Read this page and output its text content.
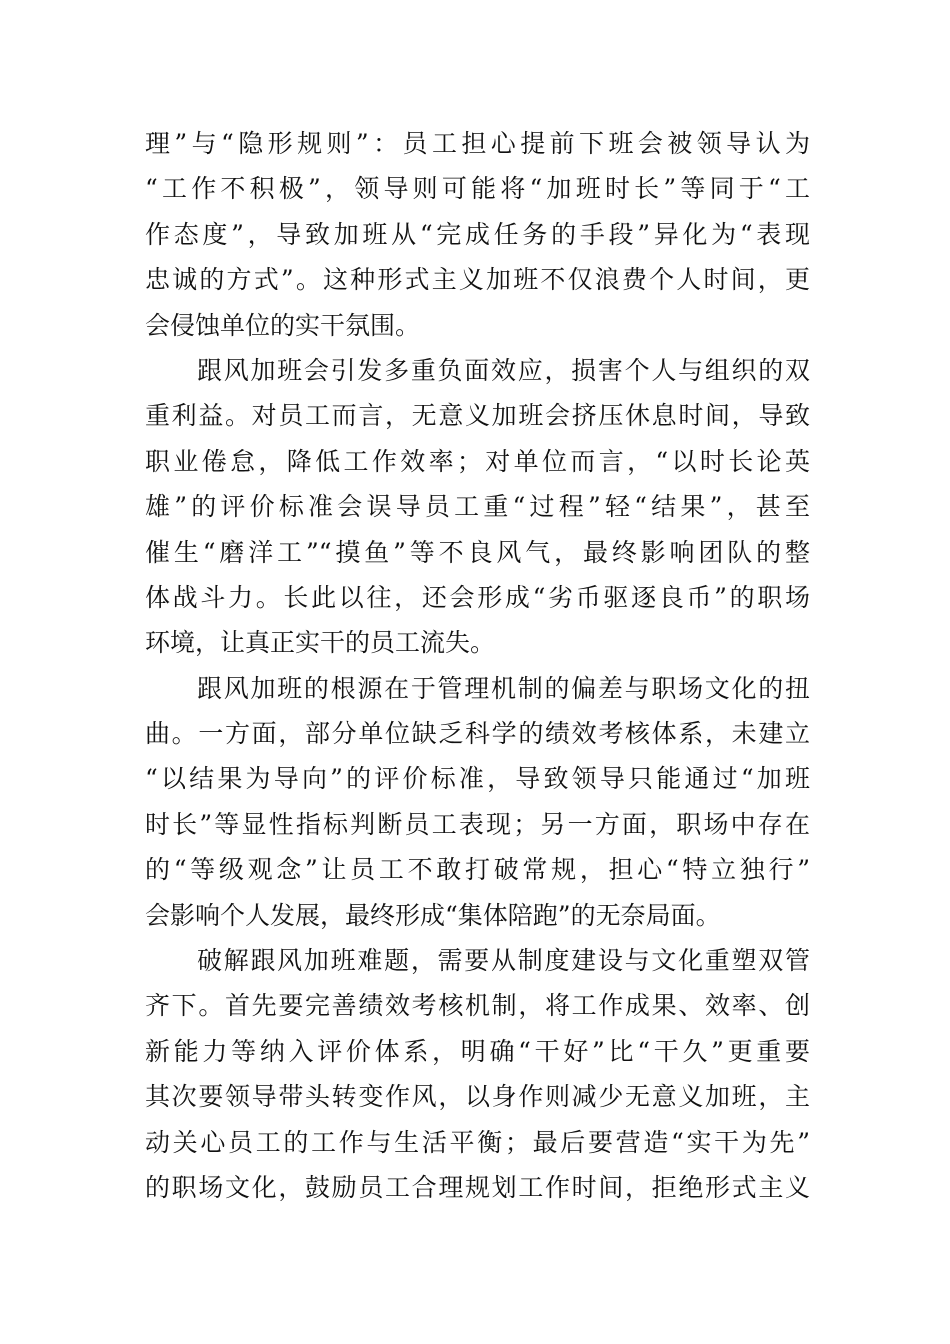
理”与“隐形规则”：员工担心提前下班会被领导认为
“工作不积极”，领导则可能将“加班时长”等同于“工
作态度”，导致加班从“完成任务的手段”异化为“表现
忠诚的方式”。这种形式主义加班不仅浪费个人时间，更
会侵蚀单位的实干氛围。
跟风加班会引发多重负面效应，损害个人与组织的双
重利益。对员工而言，无意义加班会挤压休息时间，导致
职业倦怠，降低工作效率；对单位而言，“以时长论英
雄”的评价标准会误导员工重“过程”轻“结果”，甚至
催生“磨洋工”“摸鱼”等不良风气，最终影响团队的整
体战斗力。长此以往，还会形成“劣币驱逐良币”的职场
环境，让真正实干的员工流失。
跟风加班的根源在于管理机制的偏差与职场文化的扭
曲。一方面，部分单位缺乏科学的绩效考核体系，未建立
“以结果为导向”的评价标准，导致领导只能通过“加班
时长”等显性指标判断员工表现；另一方面，职场中存在
的“等级观念”让员工不敢打破常规，担心“特立独行”
会影响个人发展，最终形成“集体陪跑”的无奈局面。
破解跟风加班难题，需要从制度建设与文化重塑双管
齐下。首先要完善绩效考核机制，将工作成果、效率、创
新能力等纳入评价体系，明确“干好”比“干久”更重要
其次要领导带头转变作风，以身作则减少无意义加班，主
动关心员工的工作与生活平衡；最后要营造“实干为先”
的职场文化，鼓励员工合理规划工作时间，拒绝形式主义
